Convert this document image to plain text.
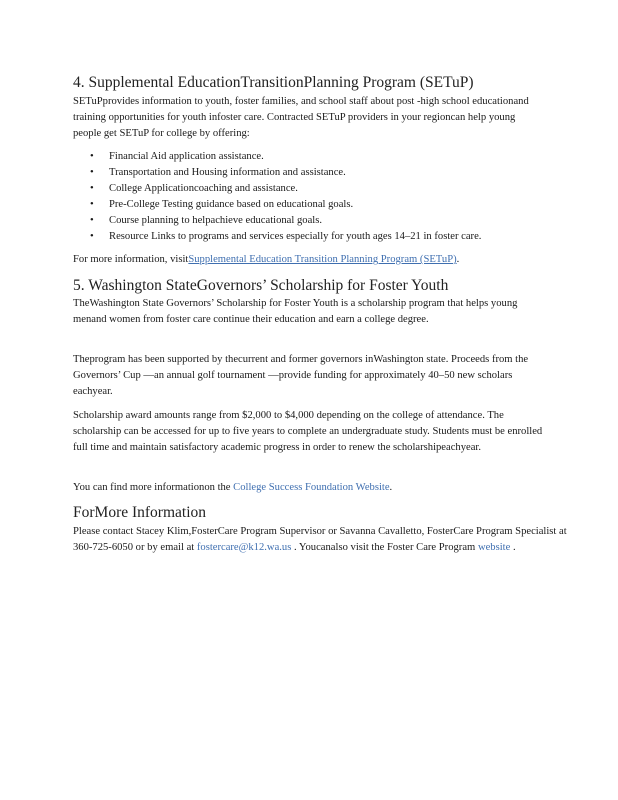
4. Supplemental EducationTransitionPlanning Program (SETuP)

SETuPprovides information to youth, foster families, and school staff about post -high school educationand training opportunities for youth infoster care. Contracted SETuP providers in your regioncan help young people get SETuP for college by offering:

• Financial Aid application assistance.
• Transportation and Housing information and assistance.
• College Applicationcoaching and assistance.
• Pre-College Testing guidance based on educational goals.
• Course planning to helpachieve educational goals.
• Resource Links to programs and services especially for youth ages 14–21 in foster care.

For more information, visitSupplemental Education Transition Planning Program (SETuP).

5. Washington StateGovernors’ Scholarship for Foster Youth

TheWashington State Governors’ Scholarship for Foster Youth is a scholarship program that helps young menand women from foster care continue their education and earn a college degree.

Theprogram has been supported by thecurrent and former governors inWashington state. Proceeds from the Governors’ Cup —an annual golf tournament —provide funding for approximately 40–50 new scholars eachyear.

Scholarship award amounts range from $2,000 to $4,000 depending on the college of attendance. The scholarship can be accessed for up to five years to complete an undergraduate study. Students must be enrolled full time and maintain satisfactory academic progress in order to renew the scholarshipeachyear.

You can find more informationon the College Success Foundation Website.

ForMore Information

Please contact Stacey Klim,FosterCare Program Supervisor or Savanna Cavalletto, FosterCare Program Specialist at 360-725-6050 or by email at fostercare@k12.wa.us . Youcanalso visit the Foster Care Program website .
